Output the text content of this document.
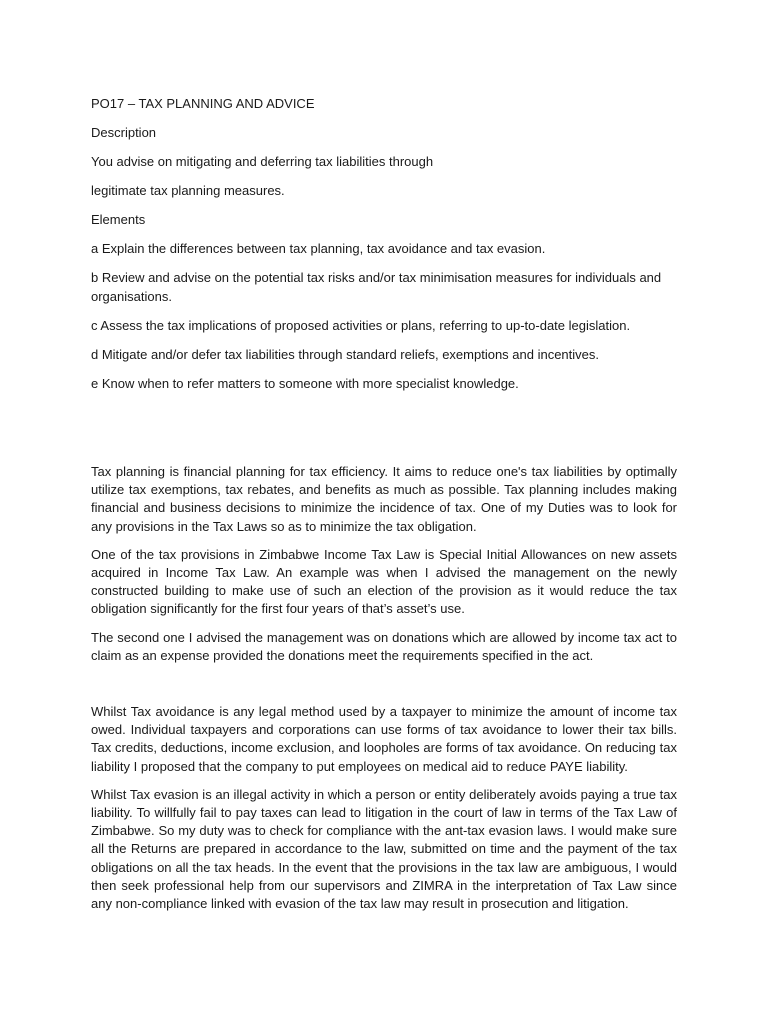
PO17 – TAX PLANNING AND ADVICE

Description

You advise on mitigating and deferring tax liabilities through

legitimate tax planning measures.

Elements

a Explain the differences between tax planning, tax avoidance and tax evasion.

b Review and advise on the potential tax risks and/or tax minimisation measures for individuals and organisations.

c Assess the tax implications of proposed activities or plans, referring to up-to-date legislation.

d Mitigate and/or defer tax liabilities through standard reliefs, exemptions and incentives.

e Know when to refer matters to someone with more specialist knowledge.

Tax planning is financial planning for tax efficiency. It aims to reduce one's tax liabilities by optimally utilize tax exemptions, tax rebates, and benefits as much as possible. Tax planning includes making financial and business decisions to minimize the incidence of tax. One of my Duties was to look for any provisions in the Tax Laws so as to minimize the tax obligation.

One of the tax provisions in Zimbabwe Income Tax Law is Special Initial Allowances on new assets acquired in Income Tax Law. An example was when I advised the management on the newly constructed building to make use of such an election of the provision as it would reduce the tax obligation significantly for the first four years of that’s asset’s use.

The second one I advised the management was on donations which are allowed by income tax act to claim as an expense provided the donations meet the requirements specified in the act.

Whilst Tax avoidance is any legal method used by a taxpayer to minimize the amount of income tax owed. Individual taxpayers and corporations can use forms of tax avoidance to lower their tax bills. Tax credits, deductions, income exclusion, and loopholes are forms of tax avoidance. On reducing tax liability I proposed that the company to put employees on medical aid to reduce PAYE liability.

Whilst Tax evasion is an illegal activity in which a person or entity deliberately avoids paying a true tax liability. To willfully fail to pay taxes can lead to litigation in the court of law in terms of the Tax Law of Zimbabwe. So my duty was to check for compliance with the ant-tax evasion laws. I would make sure all the Returns are prepared in accordance to the law, submitted on time and the payment of the tax obligations on all the tax heads. In the event that the provisions in the tax law are ambiguous, I would then seek professional help from our supervisors and ZIMRA in the interpretation of Tax Law since any non-compliance linked with evasion of the tax law may result in prosecution and litigation.
